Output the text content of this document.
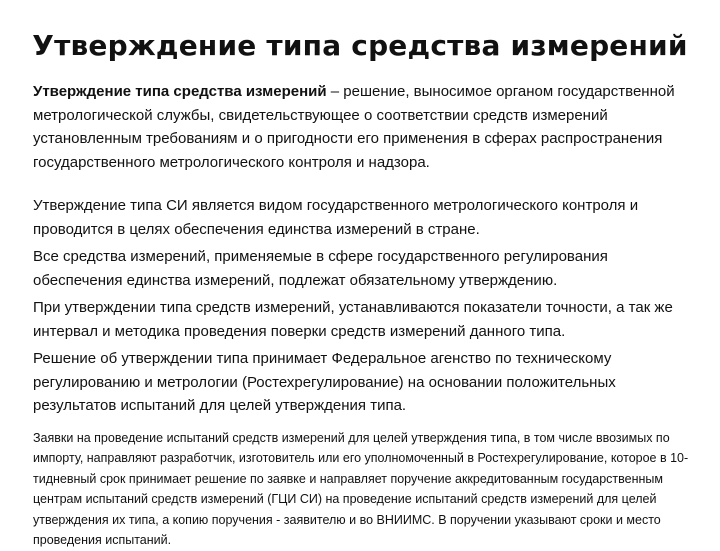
Утверждение типа средства измерений

Утверждение типа средства измерений – решение, выносимое органом государственной метрологической службы, свидетельствующее о соответствии средств измерений установленным требованиям и о пригодности его применения в сферах распространения государственного метрологического контроля и надзора.

Утверждение типа СИ является видом государственного метрологического контроля и проводится в целях обеспечения единства измерений в стране.

Все средства измерений, применяемые в сфере государственного регулирования обеспечения единства измерений, подлежат обязательному утверждению.

При утверждении типа средств измерений, устанавливаются показатели точности, а так же интервал и методика проведения поверки средств измерений данного типа.

Решение об утверждении типа принимает Федеральное агенство по техническому регулированию и метрологии (Ростехрегулирование) на основании положительных результатов испытаний для целей утверждения типа.

Заявки на проведение испытаний средств измерений для целей утверждения типа, в том числе ввозимых по импорту, направляют разработчик, изготовитель или его уполномоченный в Ростехрегулирование, которое в 10-тидневный срок принимает решение по заявке и направляет поручение аккредитованным государственным центрам испытаний средств измерений (ГЦИ СИ) на проведение испытаний средств измерений для целей утверждения их типа, а копию поручения - заявителю и во ВНИИМС. В поручении указывают сроки и место проведения испытаний.
